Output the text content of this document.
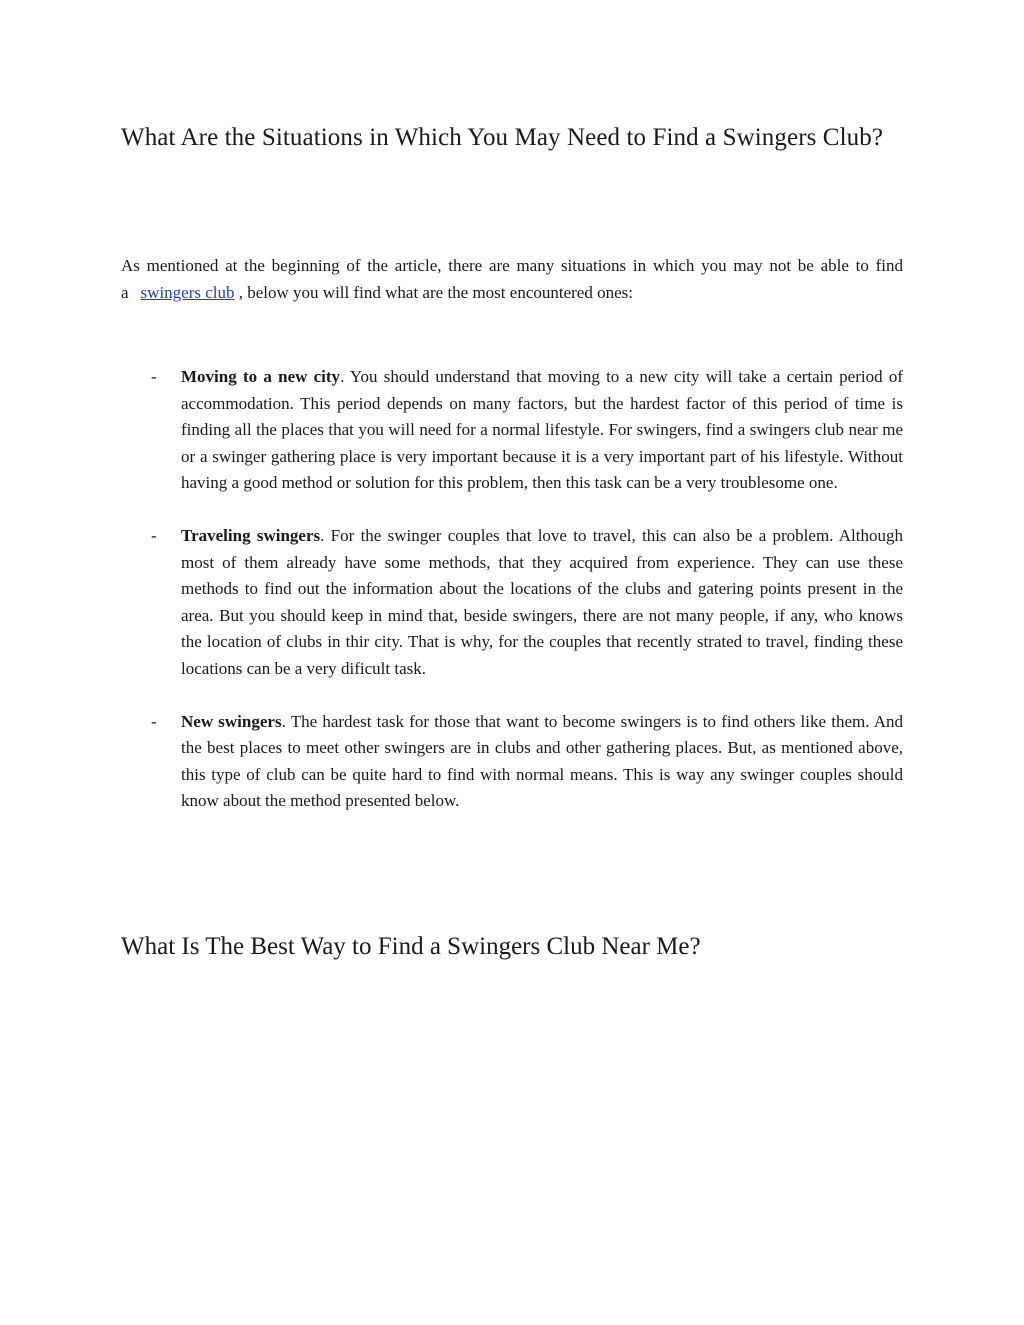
What Are the Situations in Which You May Need to Find a Swingers Club?

As mentioned at the beginning of the article, there are many situations in which you may not be able to find a swingers club , below you will find what are the most encountered ones:

- Moving to a new city. You should understand that moving to a new city will take a certain period of accommodation. This period depends on many factors, but the hardest factor of this period of time is finding all the places that you will need for a normal lifestyle. For swingers, find a swingers club near me or a swinger gathering place is very important because it is a very important part of his lifestyle. Without having a good method or solution for this problem, then this task can be a very troublesome one.
- Traveling swingers. For the swinger couples that love to travel, this can also be a problem. Although most of them already have some methods, that they acquired from experience. They can use these methods to find out the information about the locations of the clubs and gatering points present in the area. But you should keep in mind that, beside swingers, there are not many people, if any, who knows the location of clubs in thir city. That is why, for the couples that recently strated to travel, finding these locations can be a very dificult task.
- New swingers. The hardest task for those that want to become swingers is to find others like them. And the best places to meet other swingers are in clubs and other gathering places. But, as mentioned above, this type of club can be quite hard to find with normal means. This is way any swinger couples should know about the method presented below.
What Is The Best Way to Find a Swingers Club Near Me?
